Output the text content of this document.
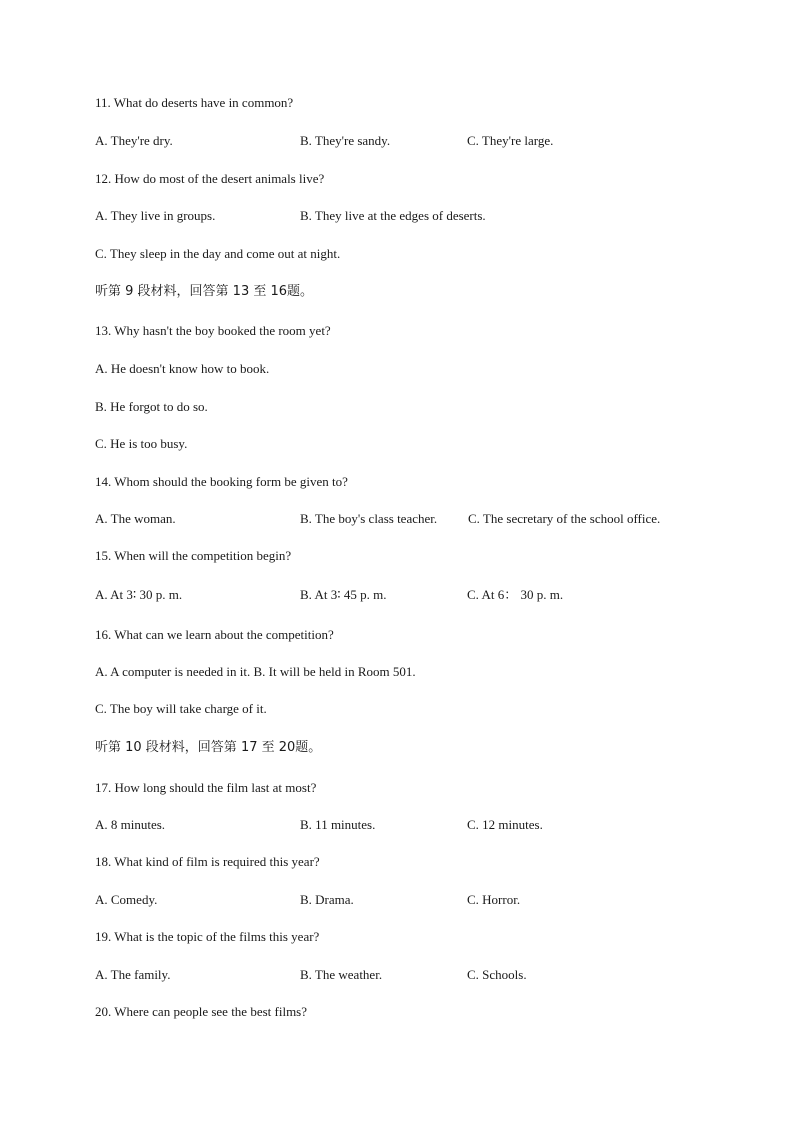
11. What do deserts have in common?
A. They're dry.	B. They're sandy.	C. They're large.
12. How do most of the desert animals live?
A. They live in groups.	B. They live at the edges of deserts.
C. They sleep in the day and come out at night.
听第 9 段材料，回答第 13 至 16题。
13. Why hasn't the boy booked the room yet?
A. He doesn't know how to book.
B. He forgot to do so.
C. He is too busy.
14. Whom should the booking form be given to?
A. The woman.	B. The boy's class teacher. C. The secretary of the school office.
15. When will the competition begin?
A. At 3∶ 30 p. m.	B. At 3∶ 45 p. m.	C. At 6： 30 p. m.
16. What can we learn about the competition?
A. A computer is needed in it. B. It will be held in Room 501.
C. The boy will take charge of it.
听第 10 段材料，回答第 17 至 20题。
17. How long should the film last at most?
A. 8 minutes.	B. 11 minutes.	C. 12 minutes.
18. What kind of film is required this year?
A. Comedy.	B. Drama.	C. Horror.
19. What is the topic of the films this year?
A. The family.	B. The weather.	C. Schools.
20. Where can people see the best films?
